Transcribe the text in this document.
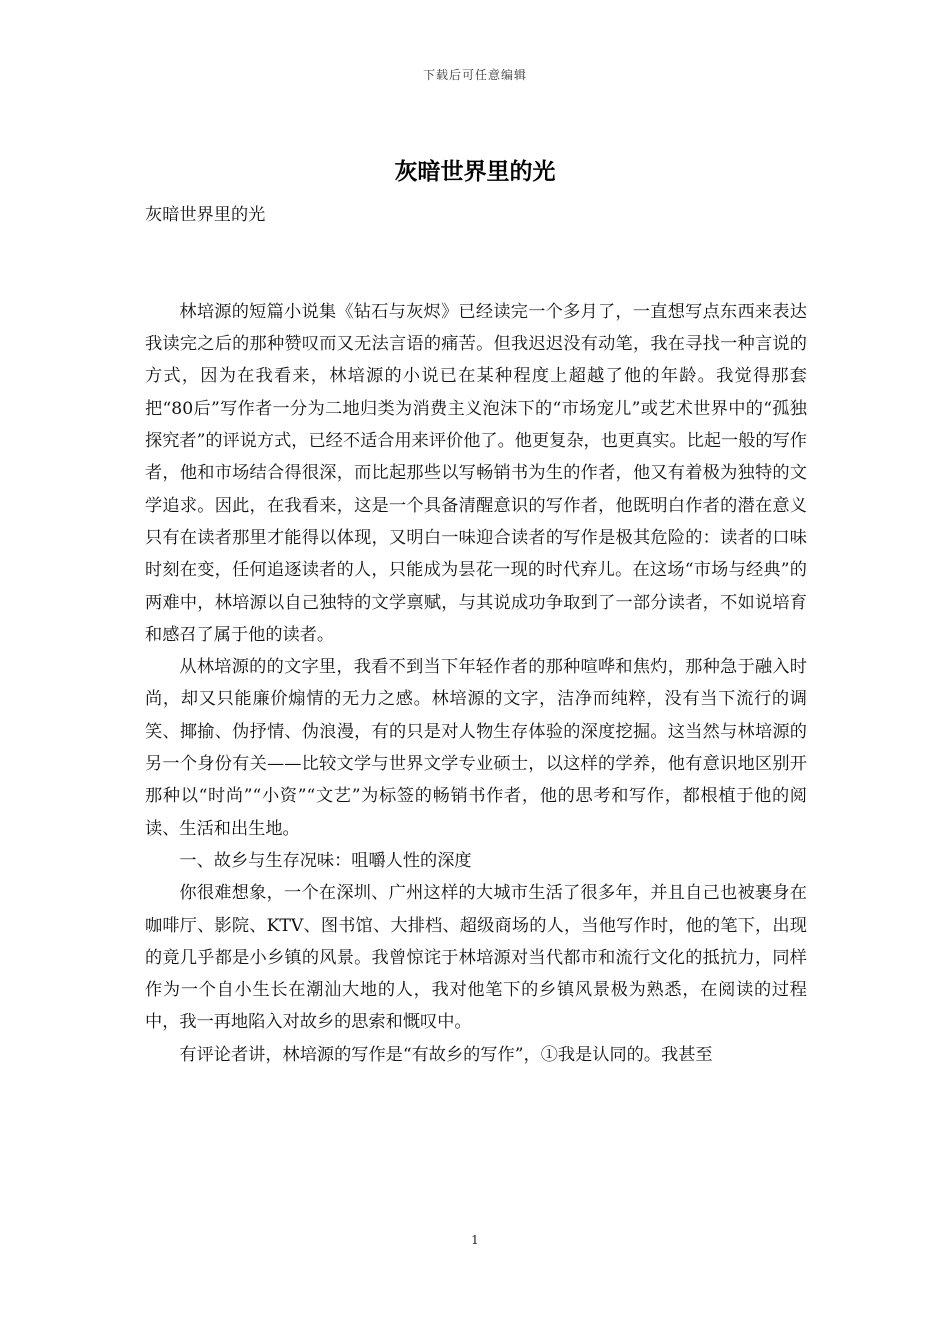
下载后可任意编辑
灰暗世界里的光

灰暗世界里的光

林培源的短篇小说集《钻石与灰烬》已经读完一个多月了，一直想写点东西来表达我读完之后的那种赞叹而又无法言语的痛苦。但我迟迟没有动笔，我在寻找一种言说的方式，因为在我看来，林培源的小说已在某种程度上超越了他的年龄。我觉得那套把“80后”写作者一分为二地归类为消费主义泡沫下的“市场宠儿”或艺术世界中的“孤独探究者”的评说方式，已经不适合用来评价他了。他更复杂，也更真实。比起一般的写作者，他和市场结合得很深，而比起那些以写畅销书为生的作者，他又有着极为独特的文学追求。因此，在我看来，这是一个具备清醒意识的写作者，他既明白作者的潜在意义只有在读者那里才能得以体现，又明白一味迎合读者的写作是极其危险的：读者的口味时刻在变，任何追逐读者的人，只能成为昙花一现的时代弃儿。在这场“市场与经典”的两难中，林培源以自己独特的文学禀赋，与其说成功争取到了一部分读者，不如说培育和感召了属于他的读者。

从林培源的的文字里，我看不到当下年轻作者的那种喧哗和焦灼，那种急于融入时尚，却又只能廉价煽情的无力之感。林培源的文字，洁净而纯粹，没有当下流行的调笑、揶揄、伪抒情、伪浪漫，有的只是对人物生存体验的深度挖掘。这当然与林培源的另一个身份有关——比较文学与世界文学专业硕士，以这样的学养，他有意识地区别开那种以“时尚”“小资”“文艺”为标签的畅销书作者，他的思考和写作，都根植于他的阅读、生活和出生地。

一、故乡与生存况味：咀嚼人性的深度

你很难想象，一个在深圳、广州这样的大城市生活了很多年，并且自己也被裹身在咖啡厅、影院、KTV、图书馆、大排档、超级商场的人，当他写作时，他的笔下，出现的竟几乎都是小乡镇的风景。我曾惊诧于林培源对当代都市和流行文化的抵抗力，同样作为一个自小生长在潮汕大地的人，我对他笔下的乡镇风景极为熟悉，在阅读的过程中，我一再地陷入对故乡的思索和慨叹中。

有评论者讲，林培源的写作是“有故乡的写作”，①我是认同的。我甚至

1
